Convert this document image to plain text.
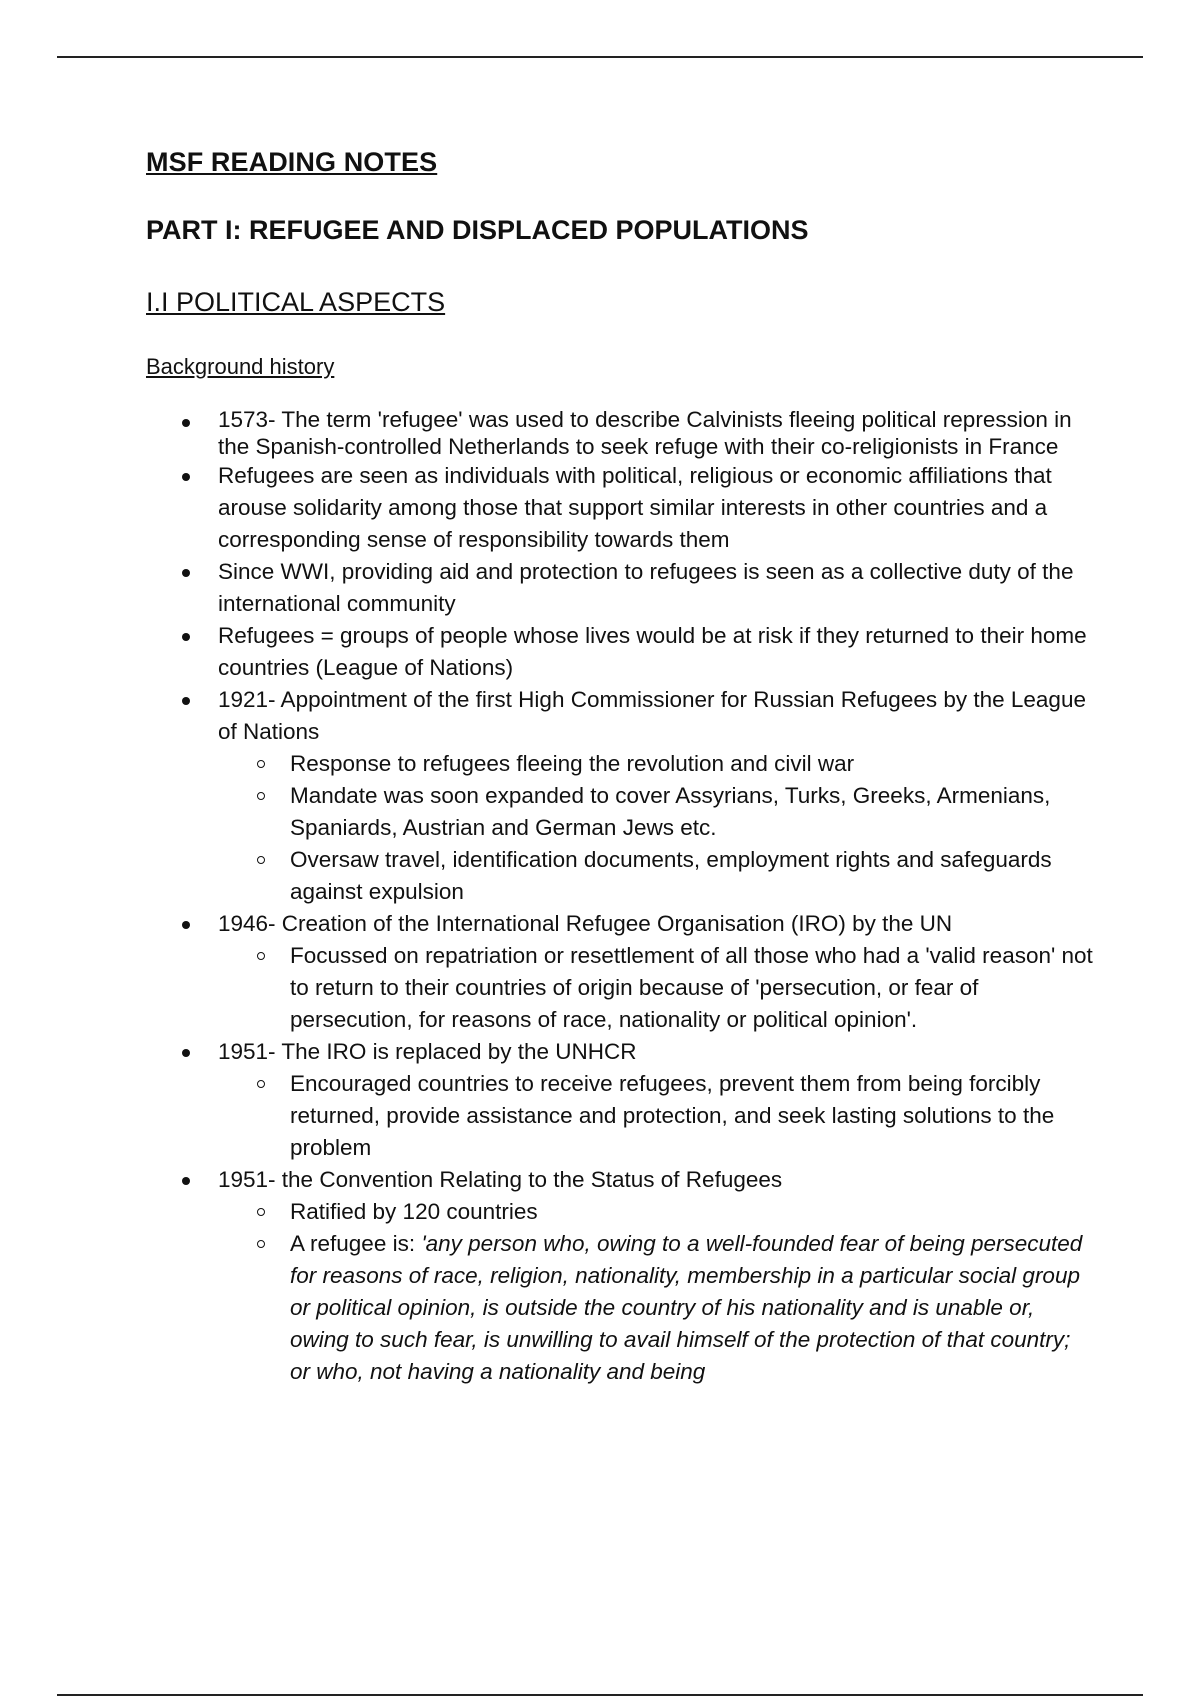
MSF READING NOTES
PART I: REFUGEE AND DISPLACED POPULATIONS
I.I POLITICAL ASPECTS
Background history
1573- The term 'refugee' was used to describe Calvinists fleeing political repression in the Spanish-controlled Netherlands to seek refuge with their co-religionists in France
Refugees are seen as individuals with political, religious or economic affiliations that arouse solidarity among those that support similar interests in other countries and a corresponding sense of responsibility towards them
Since WWI, providing aid and protection to refugees is seen as a collective duty of the international community
Refugees = groups of people whose lives would be at risk if they returned to their home countries (League of Nations)
1921- Appointment of the first High Commissioner for Russian Refugees by the League of Nations
Response to refugees fleeing the revolution and civil war
Mandate was soon expanded to cover Assyrians, Turks, Greeks, Armenians, Spaniards, Austrian and German Jews etc.
Oversaw travel, identification documents, employment rights and safeguards against expulsion
1946- Creation of the International Refugee Organisation (IRO) by the UN
Focussed on repatriation or resettlement of all those who had a 'valid reason' not to return to their countries of origin because of 'persecution, or fear of persecution, for reasons of race, nationality or political opinion'.
1951- The IRO is replaced by the UNHCR
Encouraged countries to receive refugees, prevent them from being forcibly returned, provide assistance and protection, and seek lasting solutions to the problem
1951- the Convention Relating to the Status of Refugees
Ratified by 120 countries
A refugee is: 'any person who, owing to a well-founded fear of being persecuted for reasons of race, religion, nationality, membership in a particular social group or political opinion, is outside the country of his nationality and is unable or, owing to such fear, is unwilling to avail himself of the protection of that country; or who, not having a nationality and being
